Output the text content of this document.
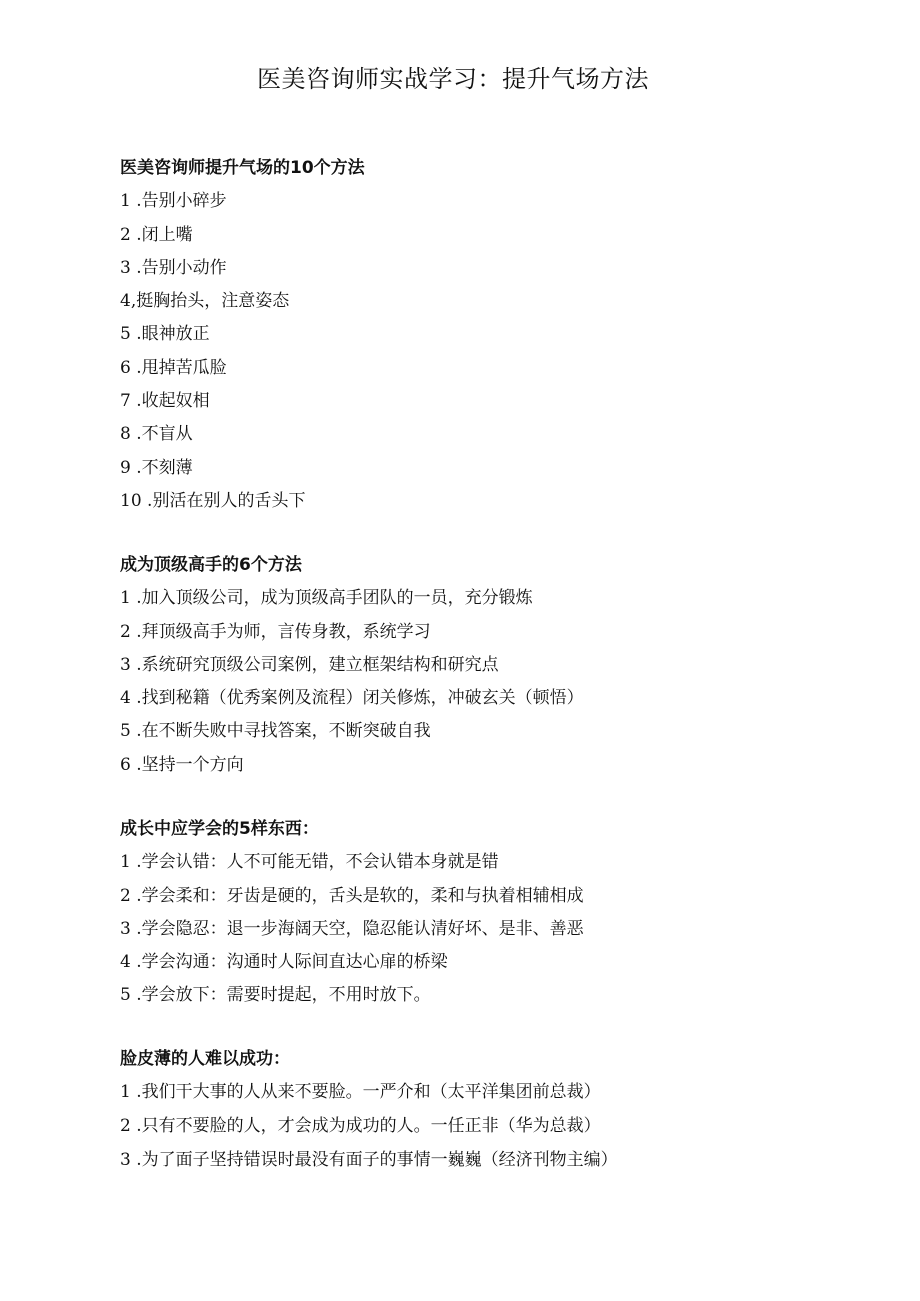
医美咨询师实战学习：提升气场方法
医美咨询师提升气场的10个方法
1 .告别小碎步
2 .闭上嘴
3 .告别小动作
4,挺胸抬头，注意姿态
5 .眼神放正
6 .甩掉苦瓜脸
7 .收起奴相
8 .不盲从
9 .不刻薄
10 .别活在别人的舌头下
成为顶级高手的6个方法
1 .加入顶级公司，成为顶级高手团队的一员，充分锻炼
2 .拜顶级高手为师，言传身教，系统学习
3 .系统研究顶级公司案例，建立框架结构和研究点
4 .找到秘籍（优秀案例及流程）闭关修炼，冲破玄关（顿悟）
5 .在不断失败中寻找答案，不断突破自我
6 .坚持一个方向
成长中应学会的5样东西：
1 .学会认错：人不可能无错，不会认错本身就是错
2 .学会柔和：牙齿是硬的，舌头是软的，柔和与执着相辅相成
3 .学会隐忍：退一步海阔天空，隐忍能认清好坏、是非、善恶
4 .学会沟通：沟通时人际间直达心扉的桥梁
5 .学会放下：需要时提起，不用时放下。
脸皮薄的人难以成功：
1 .我们干大事的人从来不要脸。一严介和（太平洋集团前总裁）
2 .只有不要脸的人，才会成为成功的人。一任正非（华为总裁）
3 .为了面子坚持错误时最没有面子的事情一巍巍（经济刊物主编）
